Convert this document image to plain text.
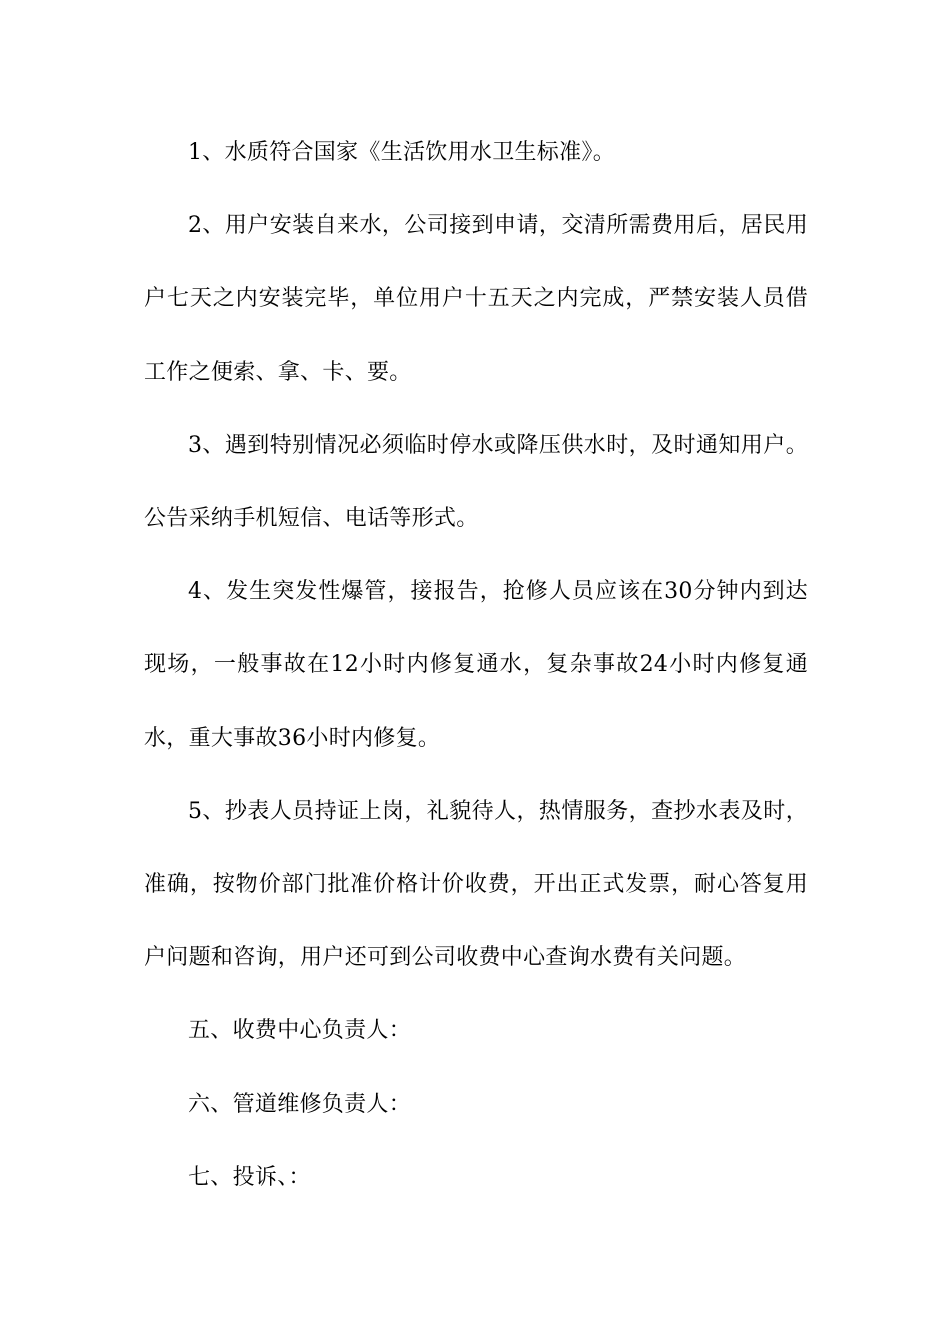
1、水质符合国家《生活饮用水卫生标准》。

2、用户安装自来水，公司接到申请，交清所需费用后，居民用户七天之内安装完毕，单位用户十五天之内完成，严禁安装人员借工作之便索、拿、卡、要。

3、遇到特别情况必须临时停水或降压供水时，及时通知用户。公告采纳手机短信、电话等形式。

4、发生突发性爆管，接报告，抢修人员应该在30分钟内到达现场，一般事故在12小时内修复通水，复杂事故24小时内修复通水，重大事故36小时内修复。

5、抄表人员持证上岗，礼貌待人，热情服务，查抄水表及时，准确，按物价部门批准价格计价收费，开出正式发票，耐心答复用户问题和咨询，用户还可到公司收费中心查询水费有关问题。

五、收费中心负责人：

六、管道维修负责人：

七、投诉、：
